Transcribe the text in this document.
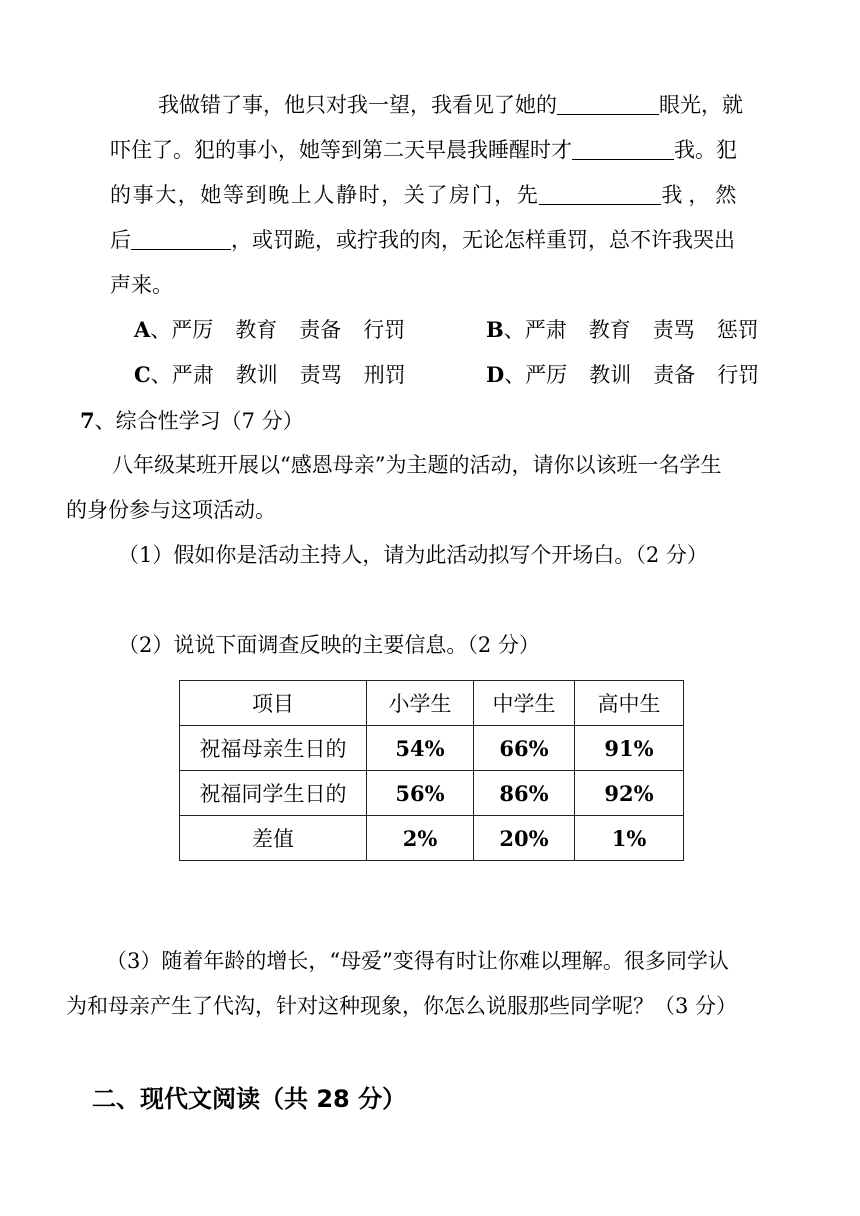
我做错了事，他只对我一望，我看见了她的	眼光，就
吓住了。犯的事小，她等到第二天早晨我睡醒时才	我。犯
的事大，她等到晚上人静时，关了房门，先	我，然
后	，或罚跪，或拧我的肉，无论怎样重罚，总不许我哭出
声来。
A、严厉 教育 责备 行罚	B、严肃 教育 责骂 惩罚
C、严肃 教训 责骂 刑罚	D、严厉 教训 责备 行罚
7、综合性学习（7 分）
八年级某班开展以“感恩母亲”为主题的活动，请你以该班一名学生
的身份参与这项活动。
（1）假如你是活动主持人，请为此活动拟写个开场白。（2 分）
（2）说说下面调查反映的主要信息。（2 分）
项目	小学生	中学生	高中生
祝福母亲生日的	54%	66%	91%
祝福同学生日的	56%	86%	92%
差值	2%	20%	1%
（3）随着年龄的增长，“母爱”变得有时让你难以理解。很多同学认
为和母亲产生了代沟，针对这种现象，你怎么说服那些同学呢？（3 分）
二、现代文阅读（共 28 分）
